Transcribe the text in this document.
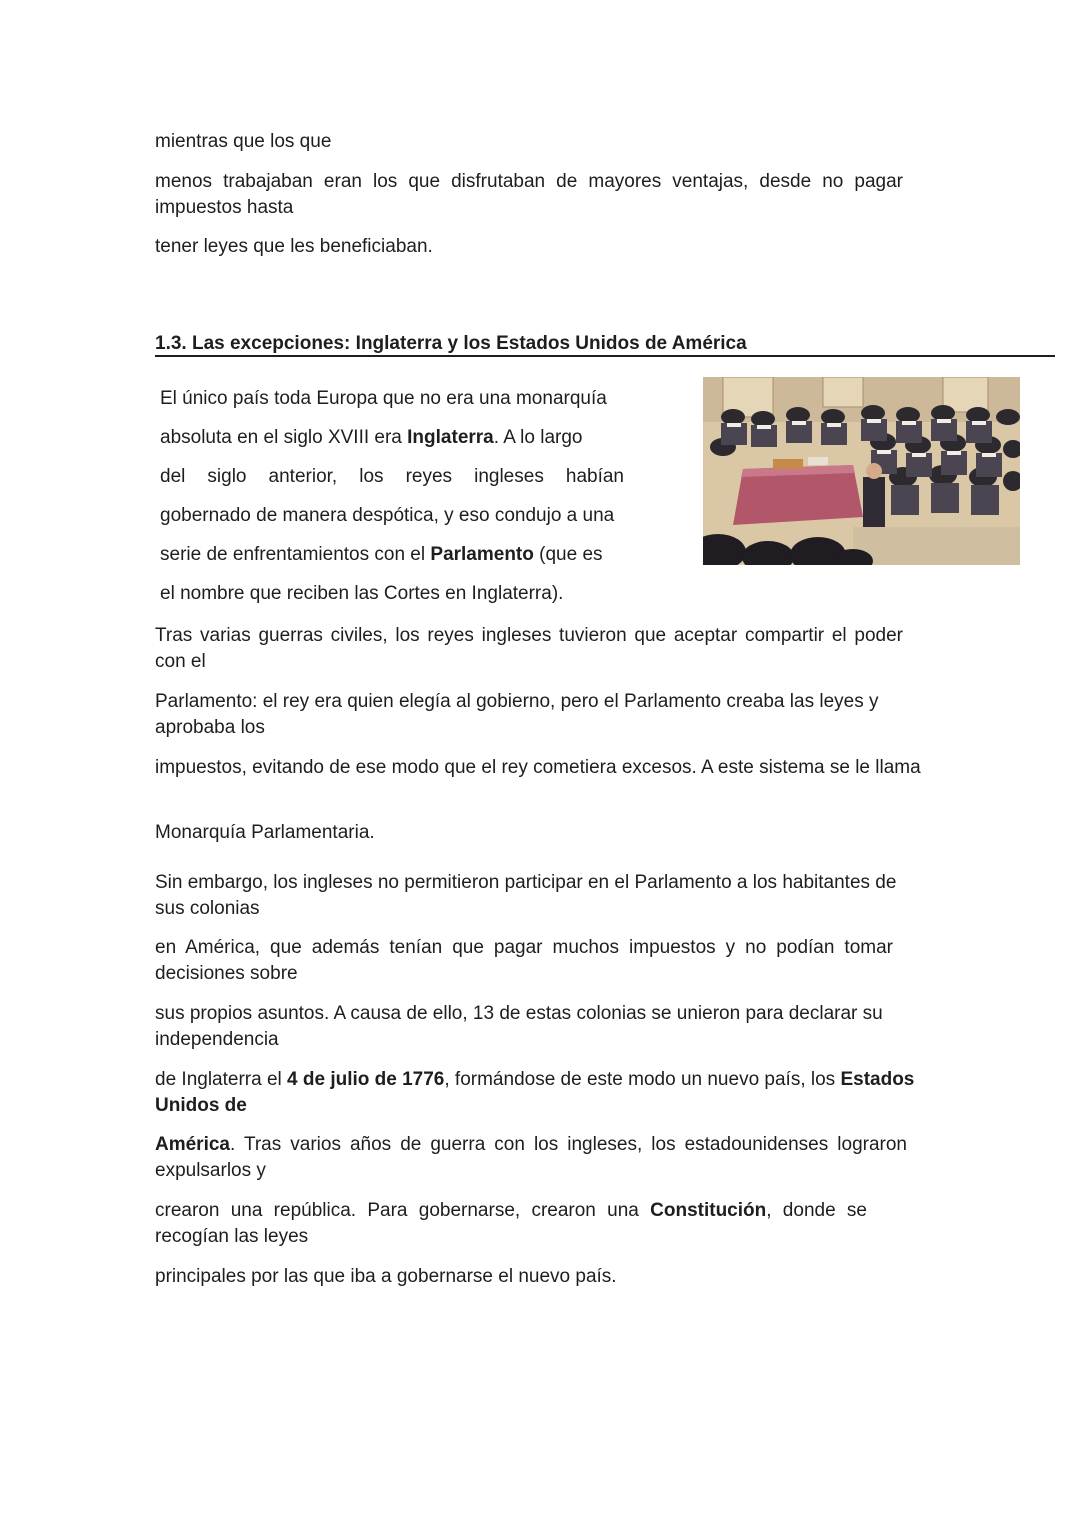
mientras que los que

menos trabajaban eran los que disfrutaban de mayores ventajas, desde no pagar impuestos hasta

tener leyes que les beneficiaban.

1.3. Las excepciones: Inglaterra y los Estados Unidos de América

El único país toda Europa que no era una monarquía

absoluta en el siglo XVIII era Inglaterra. A lo largo

del siglo anterior, los reyes ingleses habían

gobernado de manera despótica, y eso condujo a una

serie de enfrentamientos con el Parlamento (que es

el nombre que reciben las Cortes en Inglaterra).

Tras varias guerras civiles, los reyes ingleses tuvieron que aceptar compartir el poder con el

Parlamento: el rey era quien elegía al gobierno, pero el Parlamento creaba las leyes y aprobaba los

impuestos, evitando de ese modo que el rey cometiera excesos. A este sistema se le llama

Monarquía Parlamentaria.

Sin embargo, los ingleses no permitieron participar en el Parlamento a los habitantes de sus colonias

en América, que además tenían que pagar muchos impuestos y no podían tomar decisiones sobre

sus propios asuntos. A causa de ello, 13 de estas colonias se unieron para declarar su independencia

de Inglaterra el 4 de julio de 1776, formándose de este modo un nuevo país, los Estados Unidos de

América. Tras varios años de guerra con los ingleses, los estadounidenses lograron expulsarlos y

crearon una república. Para gobernarse, crearon una Constitución, donde se recogían las leyes

principales por las que iba a gobernarse el nuevo país.
